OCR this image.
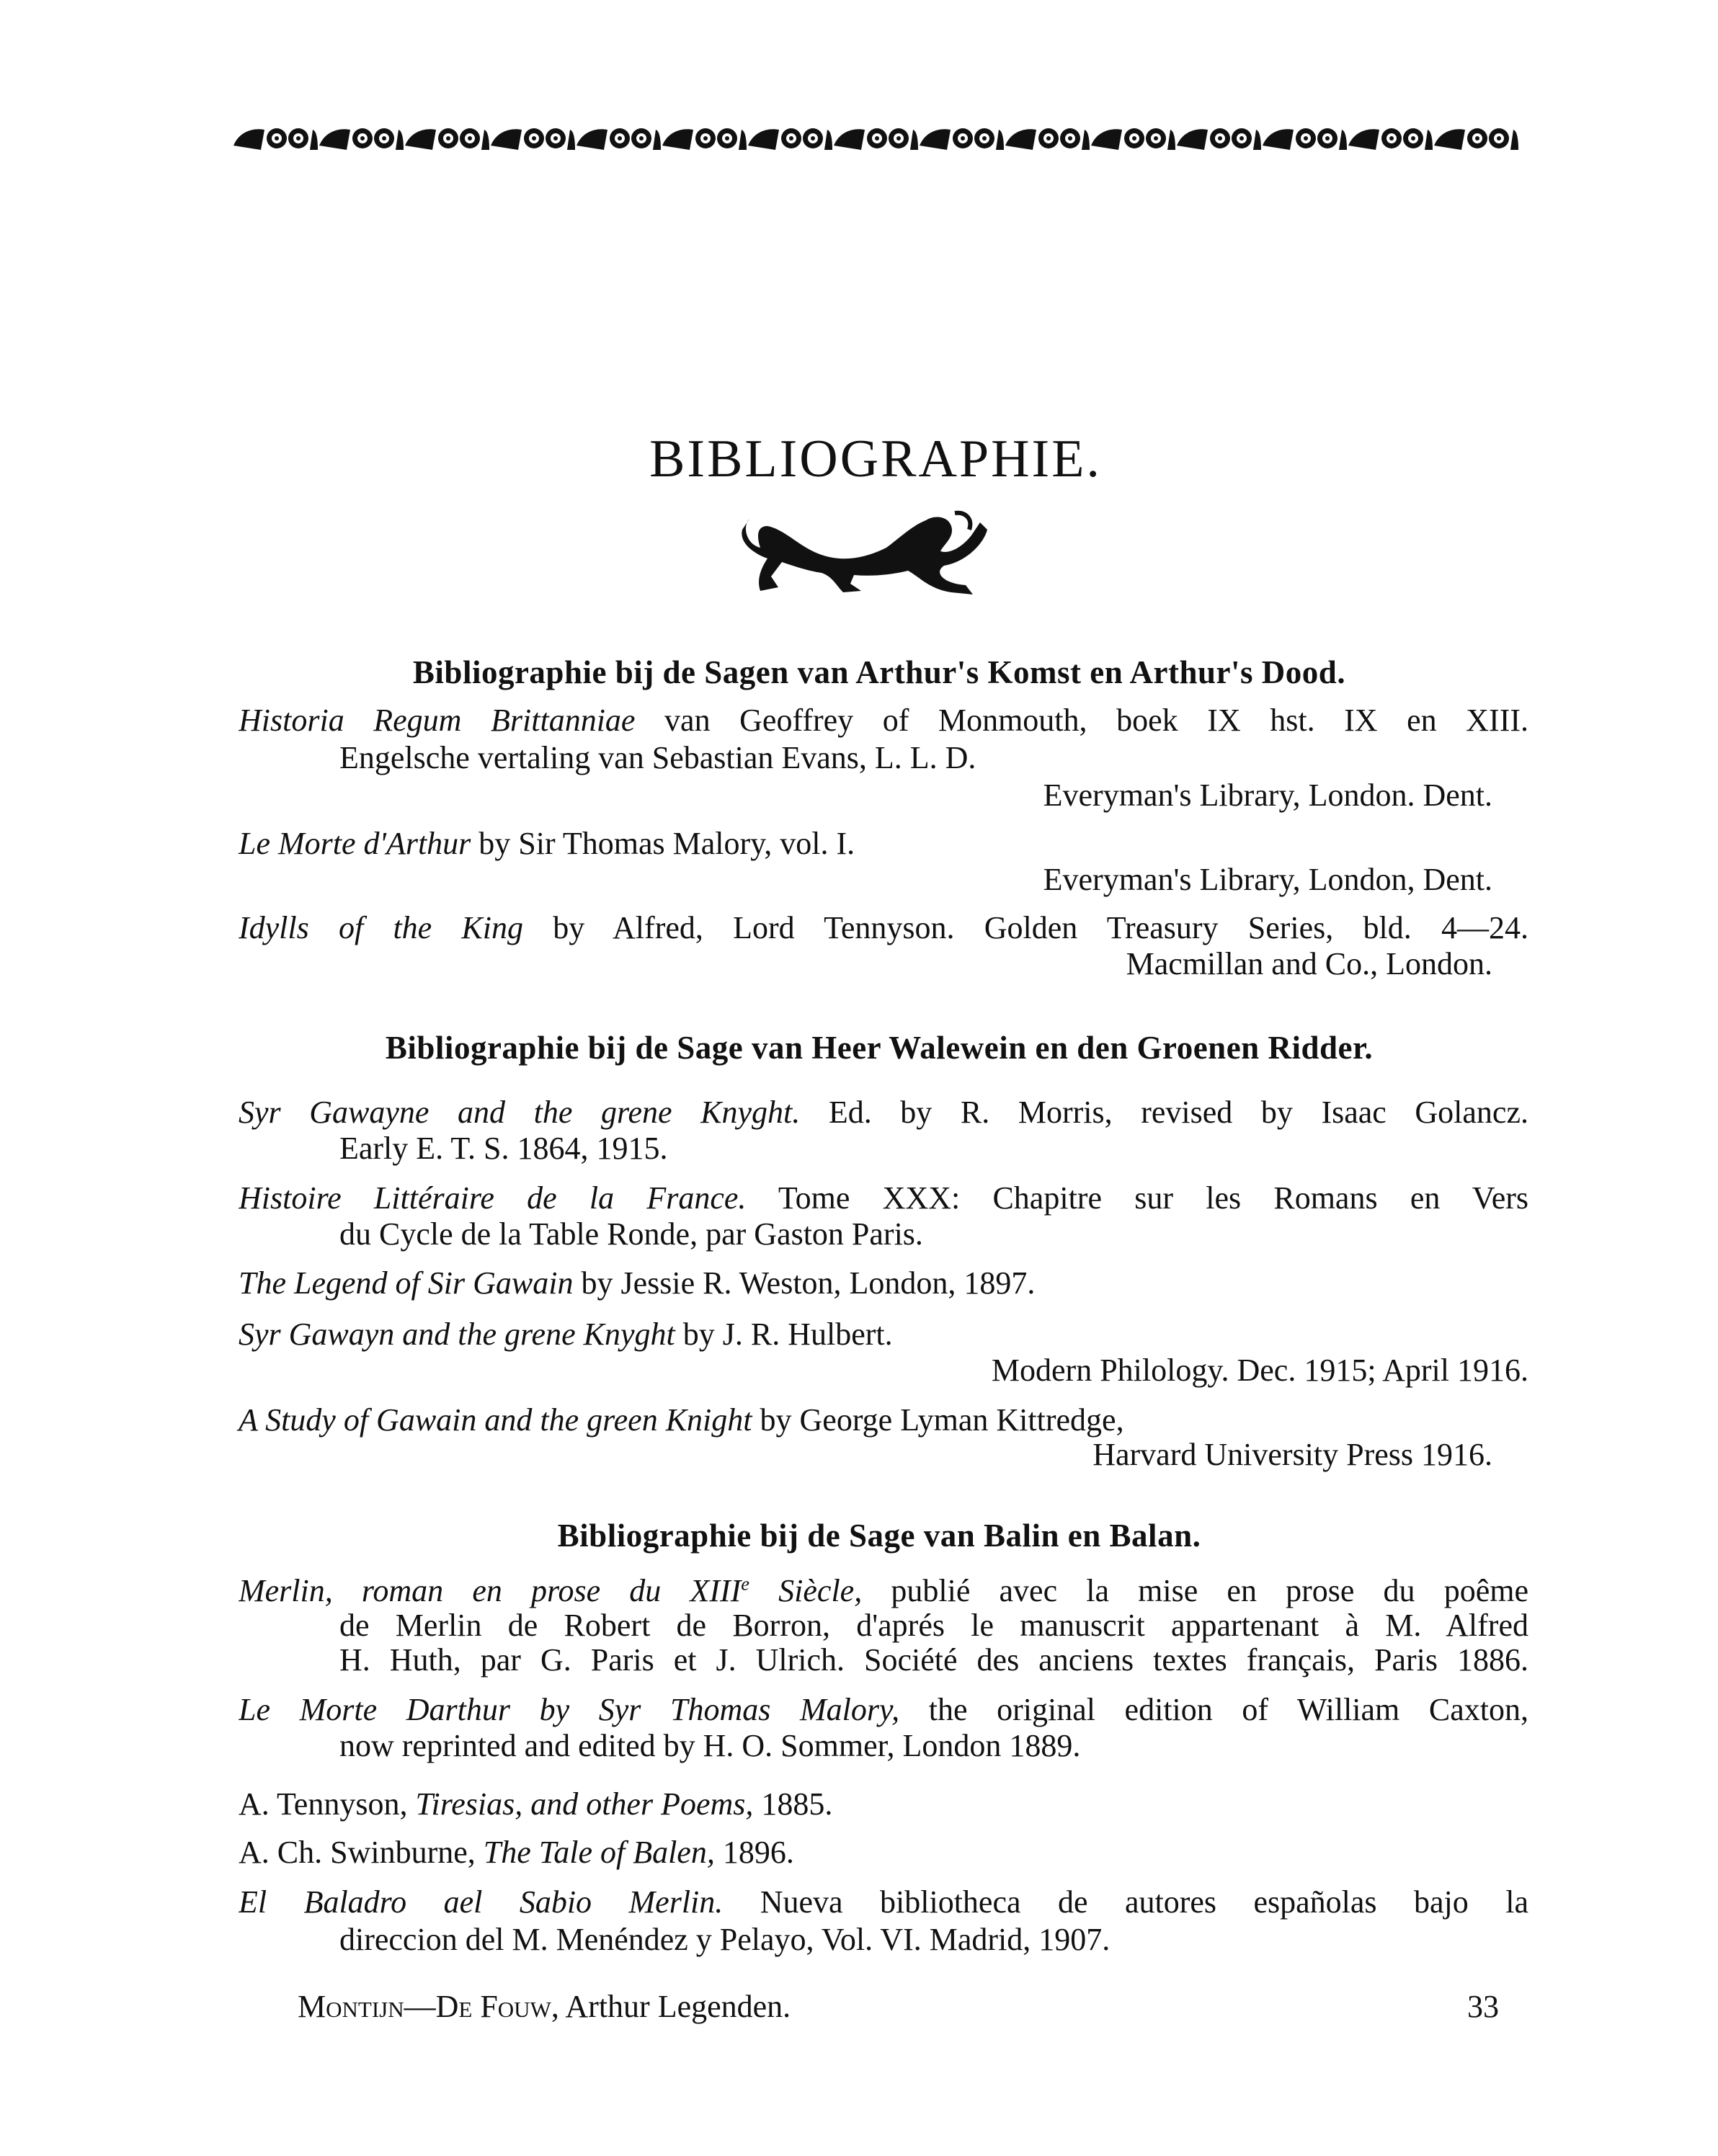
BIBLIOGRAPHIE.
Bibliographie bij de Sagen van Arthur's Komst en Arthur's Dood.
Historia Regum Brittanniae van Geoffrey of Monmouth, boek IX hst. IX en XIII.
Engelsche vertaling van Sebastian Evans, L. L. D.
Everyman's Library, London. Dent.
Le Morte d'Arthur by Sir Thomas Malory, vol. I.
Everyman's Library, London, Dent.
Idylls of the King by Alfred, Lord Tennyson. Golden Treasury Series, bld. 4—24.
Macmillan and Co., London.
Bibliographie bij de Sage van Heer Walewein en den Groenen Ridder.
Syr Gawayne and the grene Knyght. Ed. by R. Morris, revised by Isaac Golancz.
Early E. T. S. 1864, 1915.
Histoire Littéraire de la France. Tome XXX: Chapitre sur les Romans en Vers
du Cycle de la Table Ronde, par Gaston Paris.
The Legend of Sir Gawain by Jessie R. Weston, London, 1897.
Syr Gawayn and the grene Knyght by J. R. Hulbert.
Modern Philology. Dec. 1915; April 1916.
A Study of Gawain and the green Knight by George Lyman Kittredge,
Harvard University Press 1916.
Bibliographie bij de Sage van Balin en Balan.
Merlin, roman en prose du XIIIe Siècle, publié avec la mise en prose du poême
de Merlin de Robert de Borron, d'aprés le manuscrit appartenant à M. Alfred
H. Huth, par G. Paris et J. Ulrich. Société des anciens textes français, Paris 1886.
Le Morte Darthur by Syr Thomas Malory, the original edition of William Caxton,
now reprinted and edited by H. O. Sommer, London 1889.
A. Tennyson, Tiresias, and other Poems, 1885.
A. Ch. Swinburne, The Tale of Balen, 1896.
El Baladro ael Sabio Merlin. Nueva bibliotheca de autores españolas bajo la
direccion del M. Menéndez y Pelayo, Vol. VI. Madrid, 1907.
Montijn—De Fouw, Arthur Legenden.	33
